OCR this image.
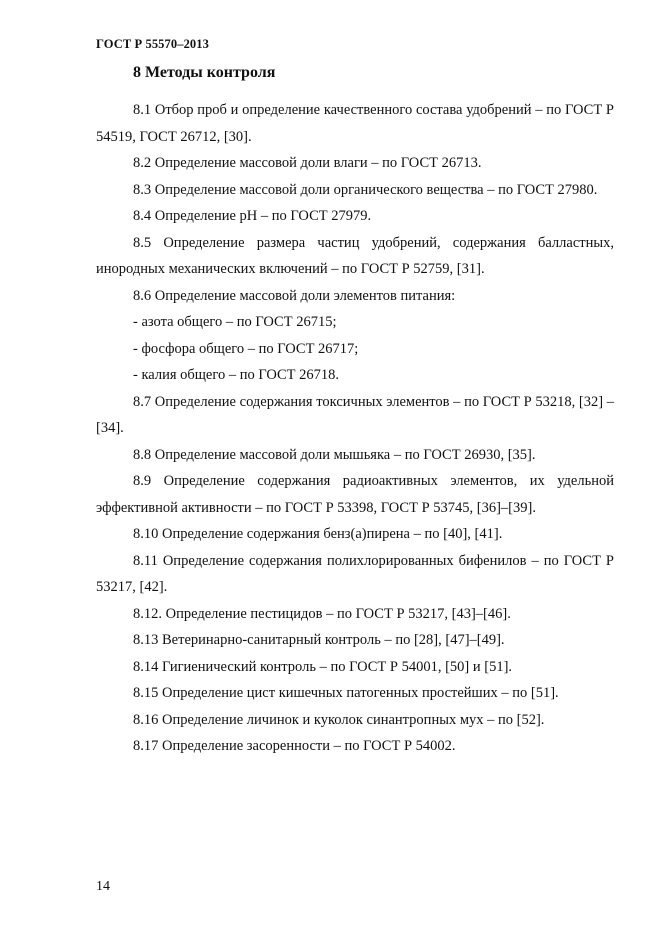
ГОСТ Р 55570–2013
8 Методы контроля

8.1 Отбор проб и определение качественного состава удобрений – по ГОСТ Р 54519, ГОСТ 26712, [30].

8.2 Определение массовой доли влаги – по ГОСТ 26713.

8.3 Определение массовой доли органического вещества – по ГОСТ 27980.

8.4 Определение pH – по ГОСТ 27979.

8.5 Определение размера частиц удобрений, содержания балластных, инородных механических включений – по ГОСТ Р 52759, [31].

8.6 Определение массовой доли элементов питания:

- азота общего – по ГОСТ 26715;

- фосфора общего – по ГОСТ 26717;

- калия общего – по ГОСТ 26718.

8.7 Определение содержания токсичных элементов – по ГОСТ Р 53218, [32] – [34].

8.8 Определение массовой доли мышьяка – по ГОСТ 26930, [35].

8.9 Определение содержания радиоактивных элементов, их удельной эффективной активности – по ГОСТ Р 53398, ГОСТ Р 53745, [36]–[39].

8.10 Определение содержания бенз(а)пирена – по [40], [41].

8.11 Определение содержания полихлорированных бифенилов – по ГОСТ Р 53217, [42].

8.12. Определение пестицидов – по ГОСТ Р 53217, [43]–[46].

8.13 Ветеринарно-санитарный контроль – по [28], [47]–[49].

8.14 Гигиенический контроль – по ГОСТ Р 54001, [50] и [51].

8.15 Определение цист кишечных патогенных простейших – по [51].

8.16 Определение личинок и куколок синантропных мух – по [52].

8.17 Определение засоренности – по ГОСТ Р 54002.

14
